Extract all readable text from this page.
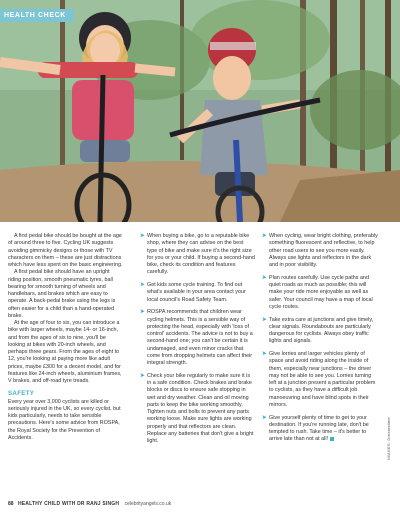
HEALTH CHECK

A first pedal bike should be bought at the age of around three to five. Cycling UK suggests avoiding gimmicky designs or those with TV characters on them – these are just distractions which have less spent on the basic engineering.

A first pedal bike should have an upright riding position, smooth pneumatic tyres, ball bearing for smooth turning of wheels and handlebars, and brakes which are easy to operate. A back-pedal brake using the legs is often easier for a child than a hand-operated brake.

At the age of four to six, you can introduce a bike with larger wheels, maybe 14- or 16-inch, and from the ages of six to nine, you'll be looking at bikes with 20-inch wheels, and perhaps three gears. From the ages of eight to 12, you're looking at paying more like adult prices, maybe £300 for a decent model, and for features like 24-inch wheels, aluminium frames, V brakes, and off-road tyre treads.

SAFETY

Every year over 3,000 cyclists are killed or seriously injured in the UK, so every cyclist, but kids particularly, needs to take sensible precautions. Here's some advice from ROSPA, the Royal Society for the Prevention of Accidents.

➤ When buying a bike, go to a reputable bike shop, where they can advise on the best type of bike and make sure it's the right size for you or your child. If buying a second-hand bike, check its condition and features carefully.

➤ Get kids some cycle training. To find out what's available in your area contact your local council's Road Safety Team.

➤ ROSPA recommends that children wear cycling helmets. This is a sensible way of protecting the head, especially with 'loss of control' accidents. The advice is not to buy a second-hand one; you can't be certain it is undamaged, and even minor cracks that come from dropping helmets can affect their integral strength.

➤ Check your bike regularly to make sure it is in a safe condition. Check brakes and brake blocks or discs to ensure safe stopping in wet and dry weather. Clean and oil moving parts to keep the bike working smoothly. Tighten nuts and bolts to prevent any parts working loose. Make sure lights are working properly and that reflectors are clean. Replace any batteries that don't give a bright light.

➤ When cycling, wear bright clothing, preferably something fluorescent and reflective, to help other road users to see you more easily. Always use lights and reflectors in the dark and in poor visibility.

➤ Plan routes carefully. Use cycle paths and quiet roads as much as possible; this will make your ride more enjoyable as well as safer. Your council may have a map of local cycle routes.

➤ Take extra care at junctions and give timely, clear signals. Roundabouts are particularly dangerous for cyclists. Always obey traffic lights and signals.

➤ Give lorries and larger vehicles plenty of space and avoid riding along the inside of them, especially near junctions – the driver may not be able to see you. Lorries turning left at a junction present a particular problem to cyclists, as they have a difficult job manoeuvring and have blind spots in their mirrors.

➤ Give yourself plenty of time to get to your destination. If you're running late, don't be tempted to rush. Take time – it's better to arrive late than not at all!	IMAGES: Dreamstime
88 HEALTHY CHILD WITH DR RANJ SINGH celebrityangels.co.uk
